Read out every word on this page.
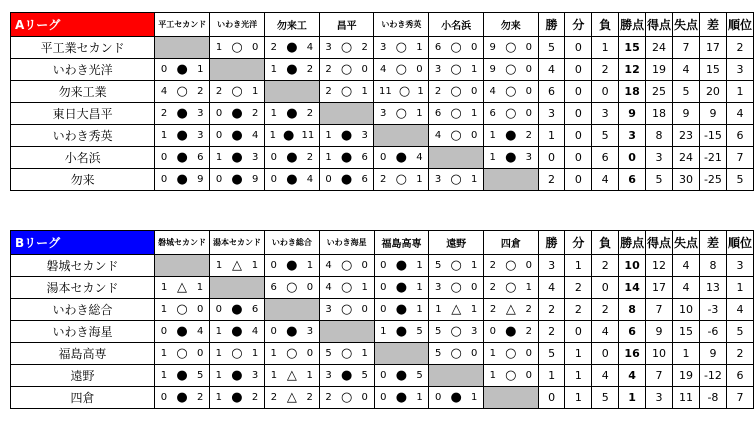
Aリーグ	平工セカンド	いわき光洋	勿来工	昌平	いわき秀英	小名浜	勿来	勝	分	負	勝点	得点	失点	差	順位
平工業セカンド		1 ○ 0	2 ● 4	3 ○ 2	3 ○ 1	6 ○ 0	9 ○ 0	5	0	1	15	24	7	17	2
いわき光洋	0 ● 1		1 ● 2	2 ○ 0	4 ○ 0	3 ○ 1	9 ○ 0	4	0	2	12	19	4	15	3
勿来工業	4 ○ 2	2 ○ 1		2 ○ 1	11 ○ 1	2 ○ 0	4 ○ 0	6	0	0	18	25	5	20	1
東日大昌平	2 ● 3	0 ● 2	1 ● 2		3 ○ 1	6 ○ 1	6 ○ 0	3	0	3	9	18	9	9	4
いわき秀英	1 ● 3	0 ● 4	1 ● 11	1 ● 3		4 ○ 0	1 ● 2	1	0	5	3	8	23	-15	6
小名浜	0 ● 6	1 ● 3	0 ● 2	1 ● 6	0 ● 4		1 ● 3	0	0	6	0	3	24	-21	7
勿来	0 ● 9	0 ● 9	0 ● 4	0 ● 6	2 ○ 1	3 ○ 1		2	0	4	6	5	30	-25	5
Bリーグ	磐城セカンド	湯本セカンド	いわき総合	いわき海星	福島高専	遠野	四倉	勝	分	負	勝点	得点	失点	差	順位
磐城セカンド		1 △ 1	0 ● 1	4 ○ 0	0 ● 1	5 ○ 1	2 ○ 0	3	1	2	10	12	4	8	3
湯本セカンド	1 △ 1		6 ○ 0	4 ○ 1	0 ● 1	3 ○ 0	2 ○ 1	4	2	0	14	17	4	13	1
いわき総合	1 ○ 0	0 ● 6		3 ○ 0	0 ● 1	1 △ 1	2 △ 2	2	2	2	8	7	10	-3	4
いわき海星	0 ● 4	1 ● 4	0 ● 3		1 ● 5	5 ○ 3	0 ● 2	2	0	4	6	9	15	-6	5
福島高専	1 ○ 0	1 ○ 1	1 ○ 0	5 ○ 1		5 ○ 0	1 ○ 0	5	1	0	16	10	1	9	2
遠野	1 ● 5	1 ● 3	1 △ 1	3 ● 5	0 ● 5		1 ○ 0	1	1	4	4	7	19	-12	6
四倉	0 ● 2	1 ● 2	2 △ 2	2 ○ 0	0 ● 1	0 ● 1		0	1	5	1	3	11	-8	7
